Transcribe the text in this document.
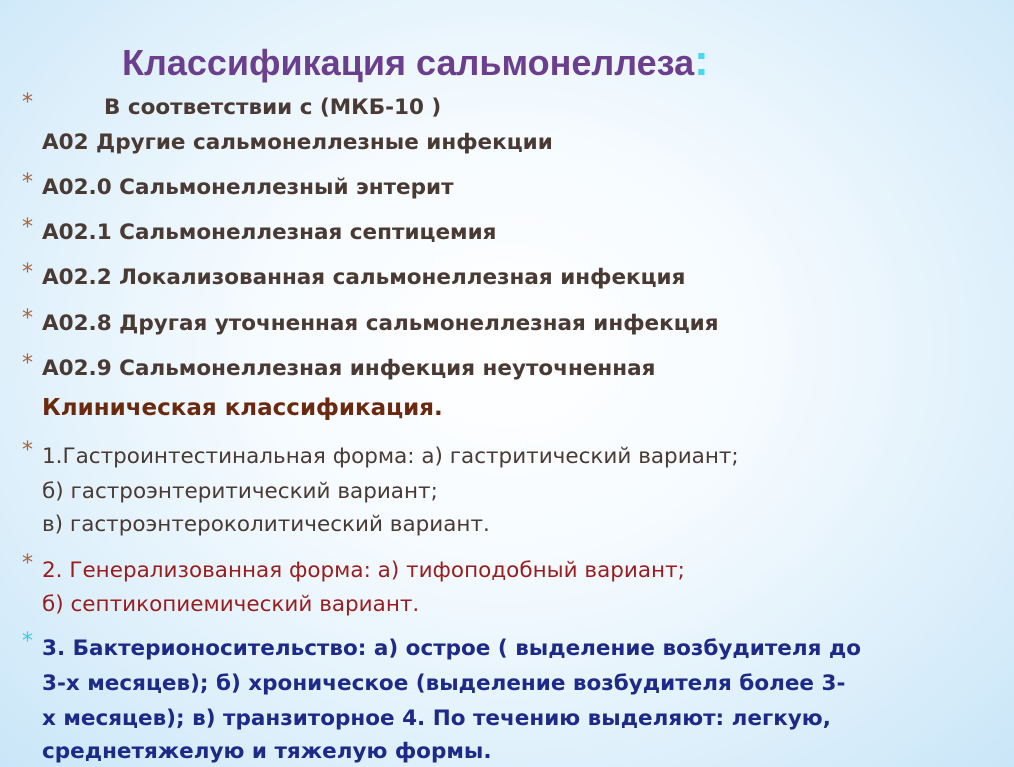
Классификация сальмонеллеза:
*	В соответствии с (МКБ-10 )
A02 Другие сальмонеллезные инфекции
* A02.0 Сальмонеллезный энтерит
* A02.1 Сальмонеллезная септицемия
* A02.2 Локализованная сальмонеллезная инфекция
* A02.8 Другая уточненная сальмонеллезная инфекция
* A02.9 Сальмонеллезная инфекция неуточненная
Клиническая классификация.
* 1.Гастроинтестинальная форма: а) гастритический вариант;
б) гастроэнтеритический вариант;
в) гастроэнтероколитический вариант.
* 2. Генерализованная форма: а) тифоподобный вариант;
б) септикопиемический вариант.
* 3. Бактерионосительство: а) острое ( выделение возбудителя до
3-х месяцев); б) хроническое (выделение возбудителя более 3-
х месяцев); в) транзиторное 4. По течению выделяют: легкую,
среднетяжелую и тяжелую формы.
